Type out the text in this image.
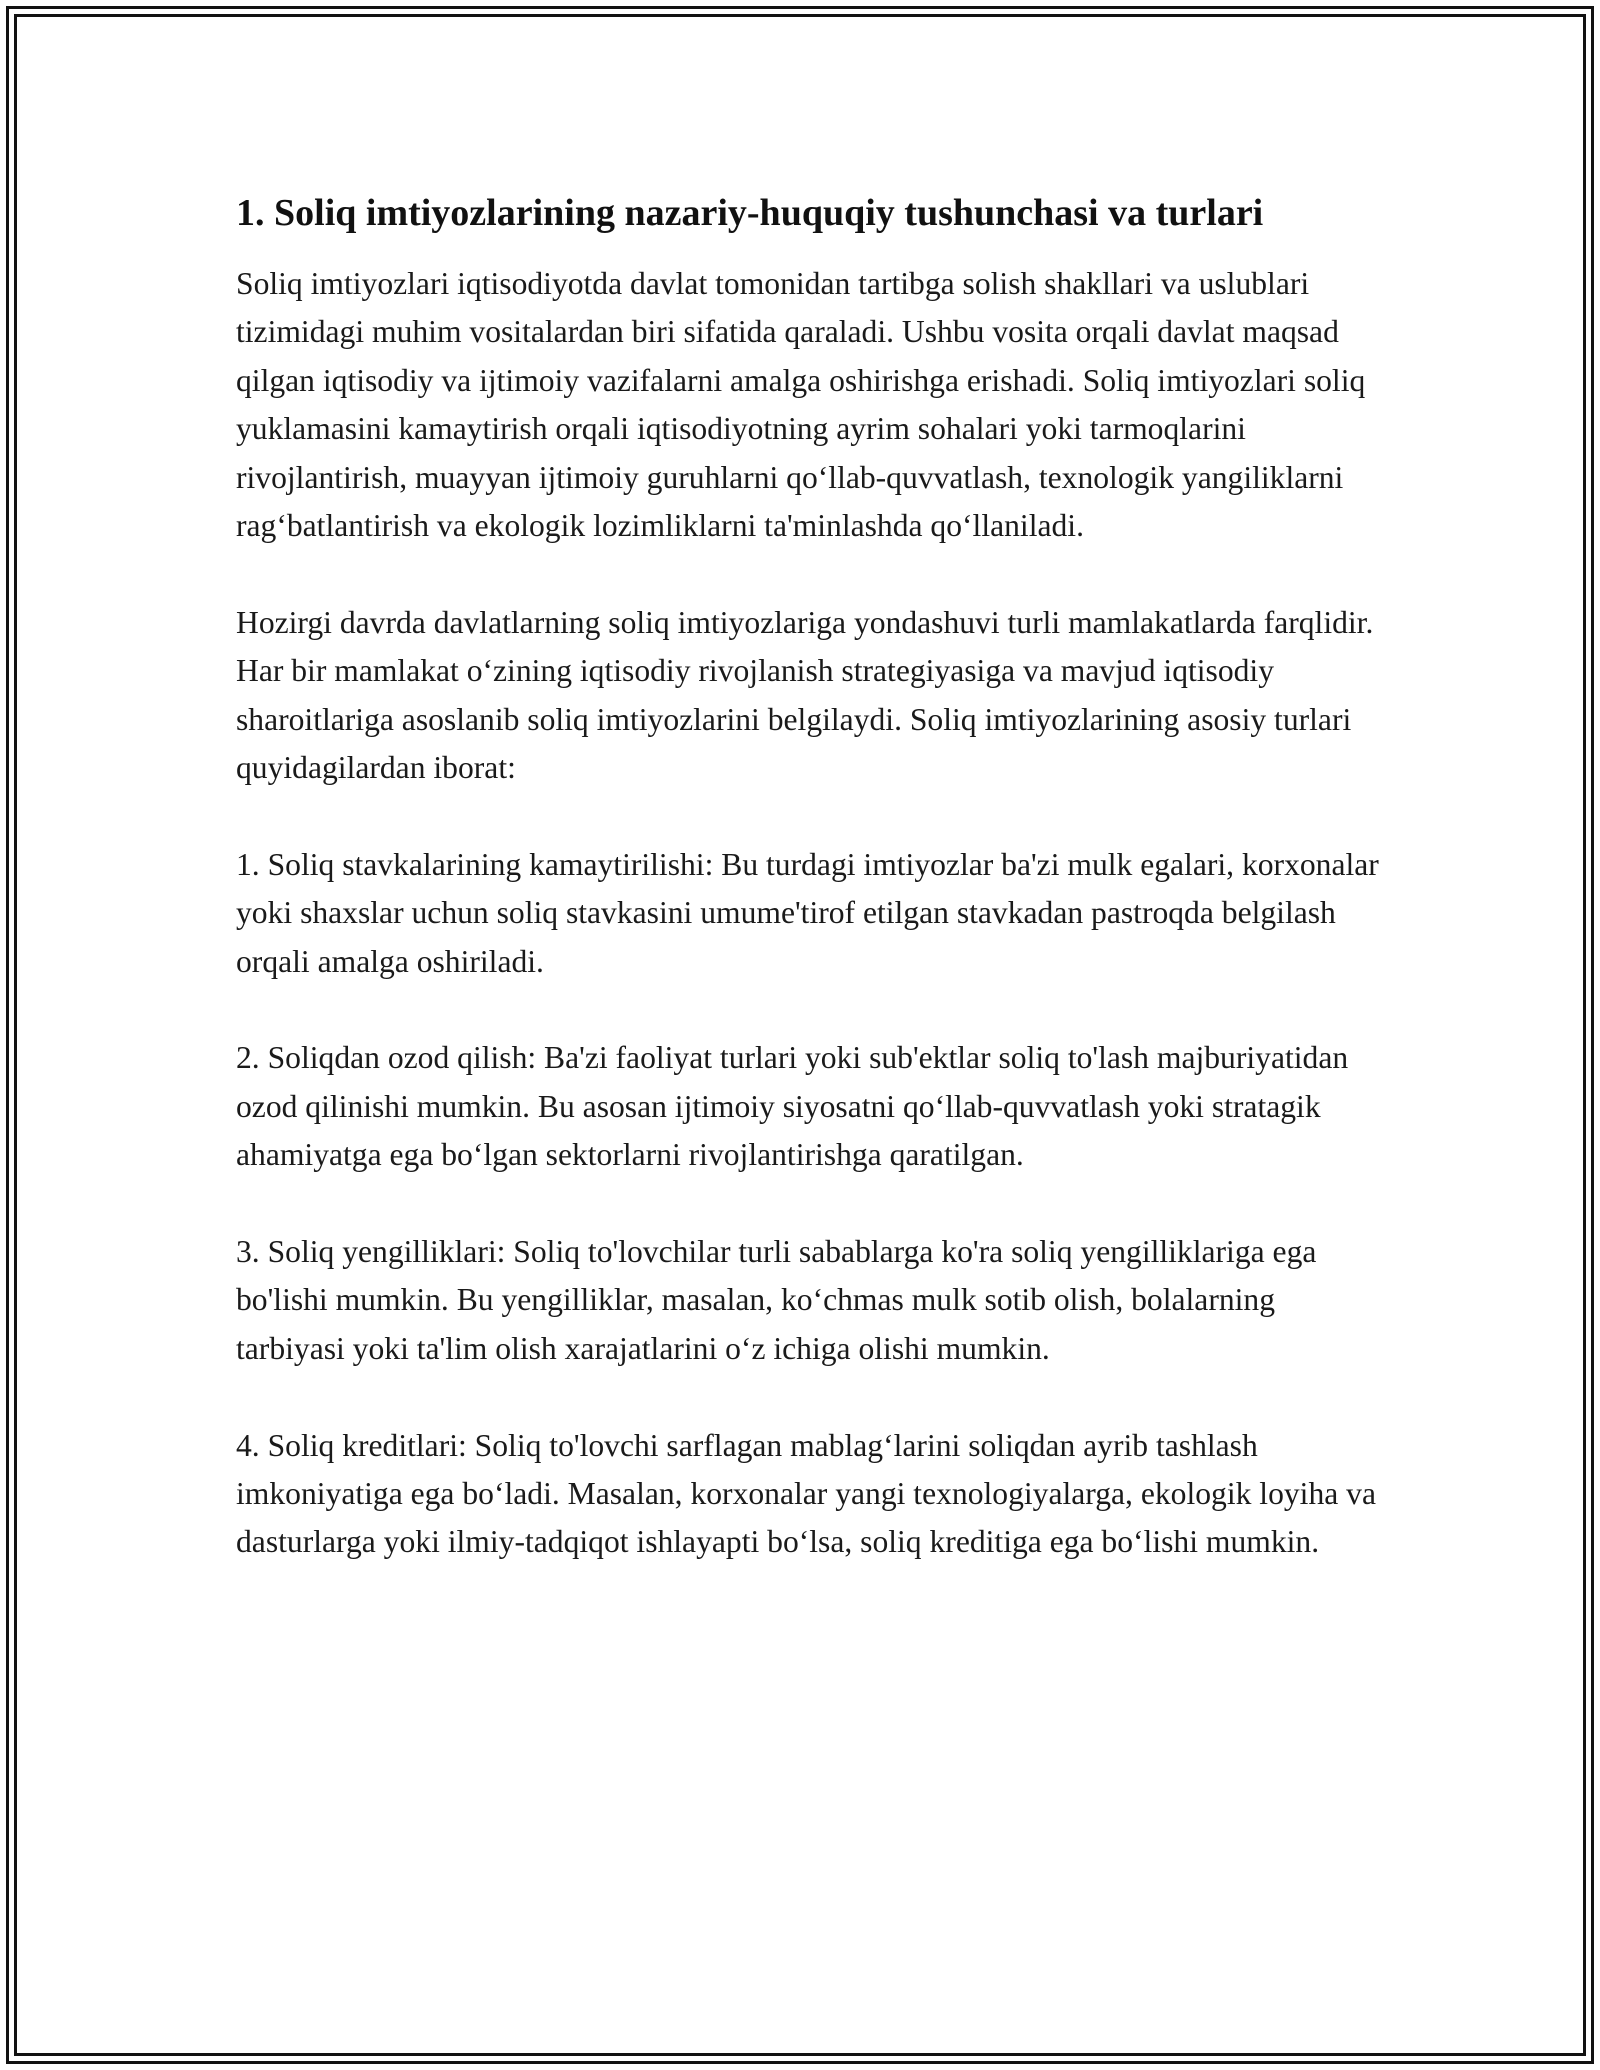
1. Soliq imtiyozlarining nazariy-huquqiy tushunchasi va turlari

Soliq imtiyozlari iqtisodiyotda davlat tomonidan tartibga solish shakllari va uslublari tizimidagi muhim vositalardan biri sifatida qaraladi. Ushbu vosita orqali davlat maqsad qilgan iqtisodiy va ijtimoiy vazifalarni amalga oshirishga erishadi. Soliq imtiyozlari soliq yuklamasini kamaytirish orqali iqtisodiyotning ayrim sohalari yoki tarmoqlarini rivojlantirish, muayyan ijtimoiy guruhlarni qo‘llab-quvvatlash, texnologik yangiliklarni rag‘batlantirish va ekologik lozimliklarni ta'minlashda qo‘llaniladi.

Hozirgi davrda davlatlarning soliq imtiyozlariga yondashuvi turli mamlakatlarda farqlidir. Har bir mamlakat o‘zining iqtisodiy rivojlanish strategiyasiga va mavjud iqtisodiy sharoitlariga asoslanib soliq imtiyozlarini belgilaydi. Soliq imtiyozlarining asosiy turlari quyidagilardan iborat:

1. Soliq stavkalarining kamaytirilishi: Bu turdagi imtiyozlar ba'zi mulk egalari, korxonalar yoki shaxslar uchun soliq stavkasini umume'tirof etilgan stavkadan pastroqda belgilash orqali amalga oshiriladi.

2. Soliqdan ozod qilish: Ba'zi faoliyat turlari yoki sub'ektlar soliq to'lash majburiyatidan ozod qilinishi mumkin. Bu asosan ijtimoiy siyosatni qo‘llab-quvvatlash yoki stratagik ahamiyatga ega bo‘lgan sektorlarni rivojlantirishga qaratilgan.

3. Soliq yengilliklari: Soliq to'lovchilar turli sabablarga ko'ra soliq yengilliklariga ega bo'lishi mumkin. Bu yengilliklar, masalan, ko‘chmas mulk sotib olish, bolalarning tarbiyasi yoki ta'lim olish xarajatlarini o‘z ichiga olishi mumkin.

4. Soliq kreditlari: Soliq to'lovchi sarflagan mablag‘larini soliqdan ayrib tashlash imkoniyatiga ega bo‘ladi. Masalan, korxonalar yangi texnologiyalarga, ekologik loyiha va dasturlarga yoki ilmiy-tadqiqot ishlayapti bo‘lsa, soliq kreditiga ega bo‘lishi mumkin.
